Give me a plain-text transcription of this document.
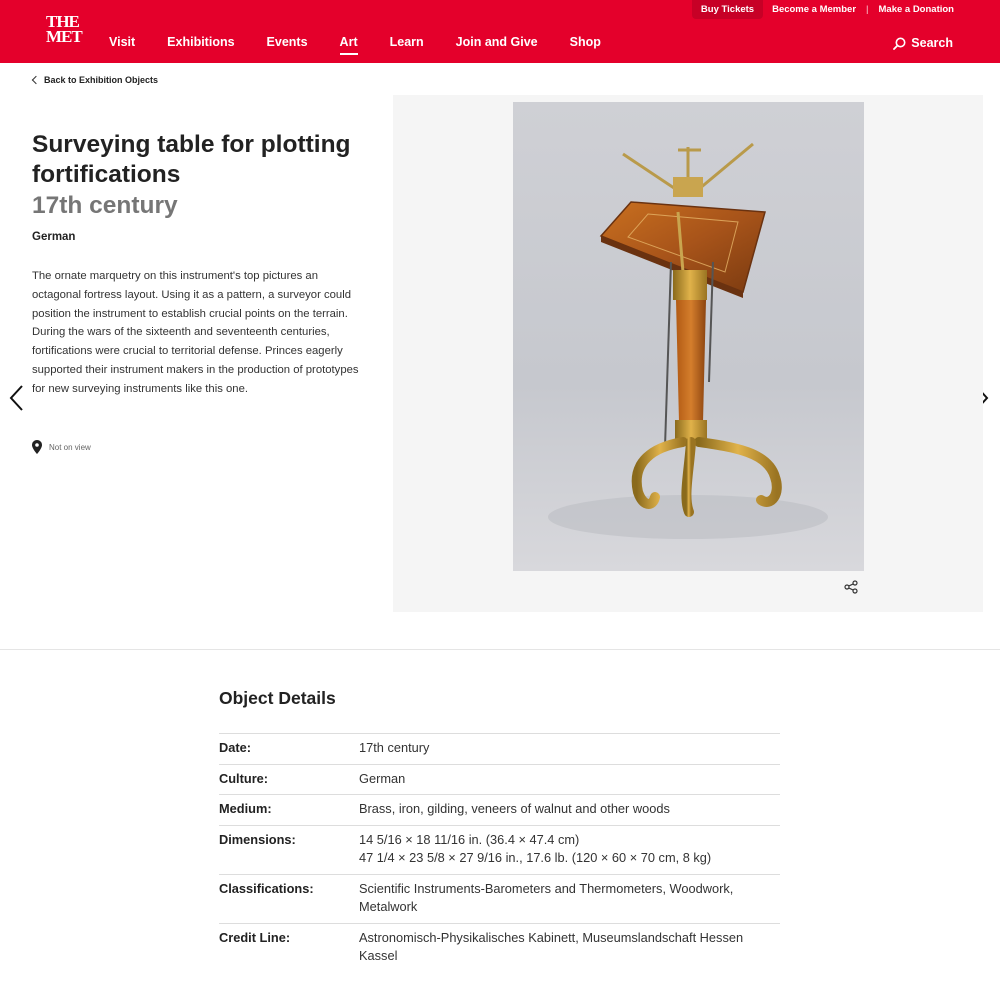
THE
MET
Buy Tickets	Become a Member | Make a Donation
Visit	Exhibitions	Events	Art	Learn	Join and Give	Shop	Search
Back to Exhibition Objects
Surveying table for plotting fortifications
17th century
German

The ornate marquetry on this instrument's top pictures an octagonal fortress layout. Using it as a pattern, a surveyor could position the instrument to establish crucial points on the terrain. During the wars of the sixteenth and seventeenth centuries, fortifications were crucial to territorial defense. Princes eagerly supported their instrument makers in the production of prototypes for new surveying instruments like this one.

Not on view
Object Details
Date:	17th century
Culture:	German
Medium:	Brass, iron, gilding, veneers of walnut and other woods
Dimensions:	14 5/16 × 18 11/16 in. (36.4 × 47.4 cm)
47 1/4 × 23 5/8 × 27 9/16 in., 17.6 lb. (120 × 60 × 70 cm, 8 kg)
Classifications:	Scientific Instruments-Barometers and Thermometers, Woodwork, Metalwork
Credit Line:	Astronomisch-Physikalisches Kabinett, Museumslandschaft Hessen Kassel
